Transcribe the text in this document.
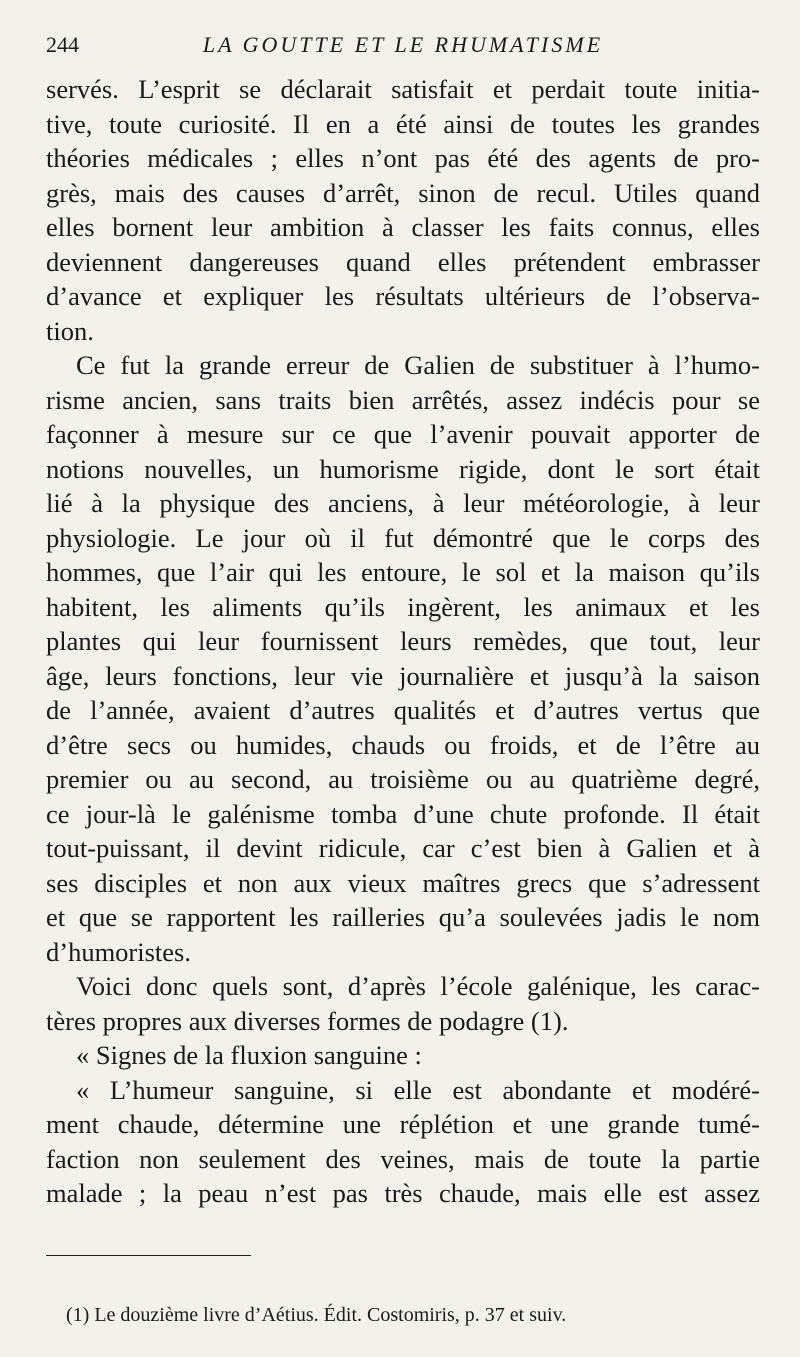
244	LA GOUTTE ET LE RHUMATISME
servés. L’esprit se déclarait satisfait et perdait toute initia-
tive, toute curiosité. Il en a été ainsi de toutes les grandes
théories médicales ; elles n’ont pas été des agents de pro-
grès, mais des causes d’arrêt, sinon de recul. Utiles quand
elles bornent leur ambition à classer les faits connus, elles
deviennent dangereuses quand elles prétendent embrasser
d’avance et expliquer les résultats ultérieurs de l’observa-
tion.
Ce fut la grande erreur de Galien de substituer à l’humo-
risme ancien, sans traits bien arrêtés, assez indécis pour se
façonner à mesure sur ce que l’avenir pouvait apporter de
notions nouvelles, un humorisme rigide, dont le sort était
lié à la physique des anciens, à leur météorologie, à leur
physiologie. Le jour où il fut démontré que le corps des
hommes, que l’air qui les entoure, le sol et la maison qu’ils
habitent, les aliments qu’ils ingèrent, les animaux et les
plantes qui leur fournissent leurs remèdes, que tout, leur
âge, leurs fonctions, leur vie journalière et jusqu’à la saison
de l’année, avaient d’autres qualités et d’autres vertus que
d’être secs ou humides, chauds ou froids, et de l’être au
premier ou au second, au troisième ou au quatrième degré,
ce jour-là le galénisme tomba d’une chute profonde. Il était
tout-puissant, il devint ridicule, car c’est bien à Galien et à
ses disciples et non aux vieux maîtres grecs que s’adressent
et que se rapportent les railleries qu’a soulevées jadis le nom
d’humoristes.
Voici donc quels sont, d’après l’école galénique, les carac-
tères propres aux diverses formes de podagre (1).
« Signes de la fluxion sanguine :
« L’humeur sanguine, si elle est abondante et modéré-
ment chaude, détermine une réplétion et une grande tumé-
faction non seulement des veines, mais de toute la partie
malade ; la peau n’est pas très chaude, mais elle est assez
(1) Le douzième livre d’Aétius. Édit. Costomiris, p. 37 et suiv.
